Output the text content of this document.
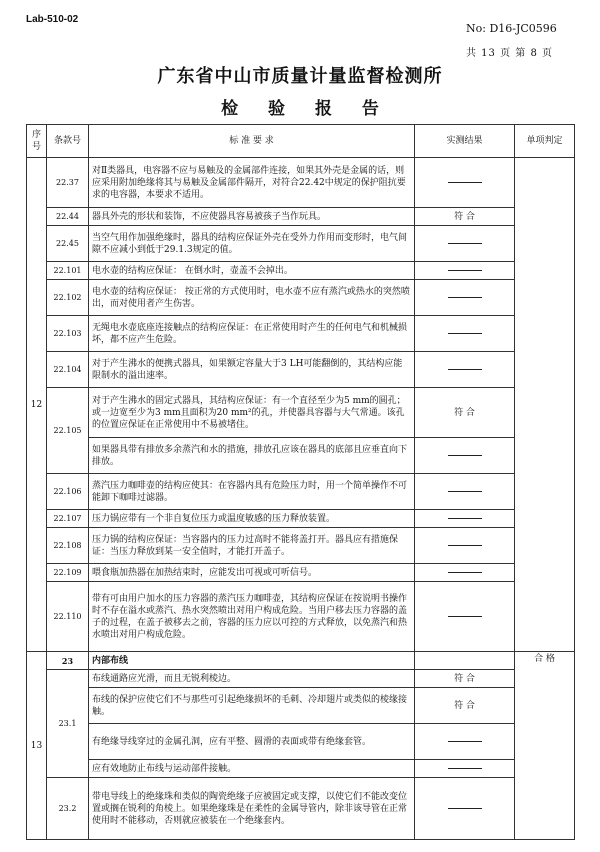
Lab-510-02
No: D16-JC0596
共 13 页 第 8 页
广东省中山市质量计量监督检测所
检 验 报 告
序号	条款号	标 准 要 求	实测结果	单项判定
12	22.37	对Ⅱ类器具，电容器不应与易触及的金属部件连接，如果其外壳是金属的话，则应采用附加绝缘将其与易触及金属部件隔开，对符合22.42中规定的保护阻抗要求的电容器，本要求不适用。		
	22.44	器具外壳的形状和装饰，不应使器具容易被孩子当作玩具。	符 合	
	22.45	当空气用作加强绝缘时，器具的结构应保证外壳在受外力作用而变形时，电气间隙不应减小到低于29.1.3规定的值。		
	22.101	电水壶的结构应保证： 在倒水时，壶盖不会掉出。		
	22.102	电水壶的结构应保证： 按正常的方式使用时，电水壶不应有蒸汽或热水的突然喷出，而对使用者产生伤害。		
	22.103	无绳电水壶底座连接触点的结构应保证：在正常使用时产生的任何电气和机械损坏，都不应产生危险。		
	22.104	对于产生沸水的便携式器具，如果额定容量大于3 LH可能翻倒的，其结构应能限制水的溢出速率。		
	22.105	对于产生沸水的固定式器具，其结构应保证：有一个直径至少为5 mm的圆孔；或一边宽至少为3 mm且面积为20 mm²的孔，并使器具容器与大气常通。该孔的位置应保证在正常使用中不易被堵住。	符 合	
		如果器具带有排放多余蒸汽和水的措施，排放孔应该在器具的底部且应垂直向下排放。		
	22.106	蒸汽压力咖啡壶的结构应使其：在容器内具有危险压力时，用一个简单操作不可能卸下咖啡过滤器。		
	22.107	压力锅应带有一个非自复位压力或温度敏感的压力释放装置。		
	22.108	压力锅的结构应保证：当容器内的压力过高时不能将盖打开。器具应有措施保证：当压力释放到某一安全值时，才能打开盖子。		
	22.109	喂食瓶加热器在加热结束时，应能发出可视或可听信号。		
	22.110	带有可由用户加水的压力容器的蒸汽压力咖啡壶，其结构应保证在按说明书操作时不存在溢水或蒸汽、热水突然喷出对用户构成危险。当用户移去压力容器的盖子的过程，在盖子被移去之前，容器的压力应以可控的方式释放，以免蒸汽和热水喷出对用户构成危险。		
13	23	内部布线		合 格
	23.1	布线通路应光滑，而且无锐利棱边。	符 合	
		布线的保护应使它们不与那些可引起绝缘损坏的毛刺、冷却翅片或类似的棱缘接触。	符 合	
		有绝缘导线穿过的金属孔洞，应有平整、圆滑的表面或带有绝缘套管。		
		应有效地防止布线与运动部件接触。		
	23.2	带电导线上的绝缘珠和类似的陶瓷绝缘子应被固定或支撑，以使它们不能改变位置或搁在锐利的角棱上。如果绝缘珠是在柔性的金属导管内，除非该导管在正常使用时不能移动，否则就应被装在一个绝缘套内。		
